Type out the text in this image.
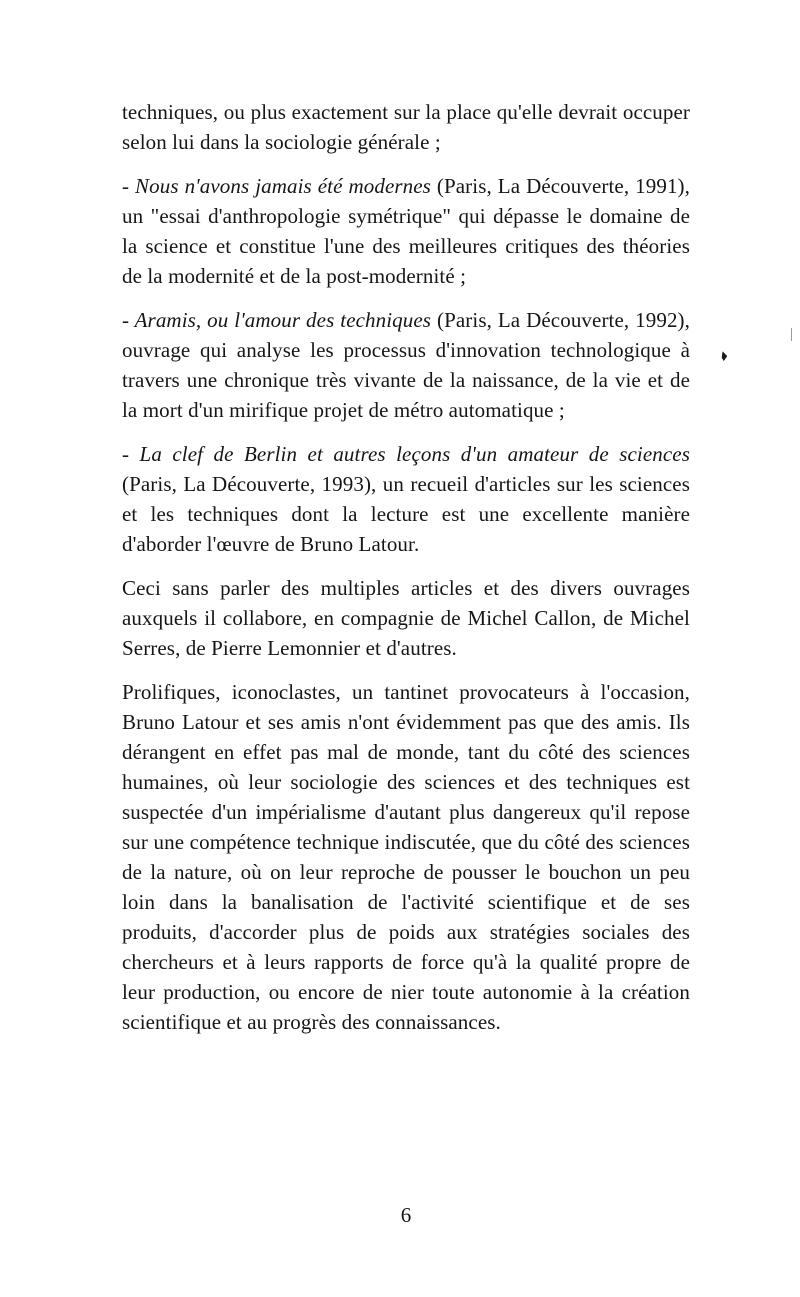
techniques, ou plus exactement sur la place qu'elle devrait occuper selon lui dans la sociologie générale ;

- Nous n'avons jamais été modernes (Paris, La Découverte, 1991), un "essai d'anthropologie symétrique" qui dépasse le domaine de la science et constitue l'une des meilleures critiques des théories de la modernité et de la post-modernité ;

- Aramis, ou l'amour des techniques (Paris, La Découverte, 1992), ouvrage qui analyse les processus d'innovation technologique à travers une chronique très vivante de la naissance, de la vie et de la mort d'un mirifique projet de métro automatique ;

- La clef de Berlin et autres leçons d'un amateur de sciences (Paris, La Découverte, 1993), un recueil d'articles sur les sciences et les techniques dont la lecture est une excellente manière d'aborder l'œuvre de Bruno Latour.

Ceci sans parler des multiples articles et des divers ouvrages auxquels il collabore, en compagnie de Michel Callon, de Michel Serres, de Pierre Lemonnier et d'autres.

Prolifiques, iconoclastes, un tantinet provocateurs à l'occasion, Bruno Latour et ses amis n'ont évidemment pas que des amis. Ils dérangent en effet pas mal de monde, tant du côté des sciences humaines, où leur sociologie des sciences et des techniques est suspectée d'un impérialisme d'autant plus dangereux qu'il repose sur une compétence technique indiscutée, que du côté des sciences de la nature, où on leur reproche de pousser le bouchon un peu loin dans la banalisation de l'activité scientifique et de ses produits, d'accorder plus de poids aux stratégies sociales des chercheurs et à leurs rapports de force qu'à la qualité propre de leur production, ou encore de nier toute autonomie à la création scientifique et au progrès des connaissances.

6
